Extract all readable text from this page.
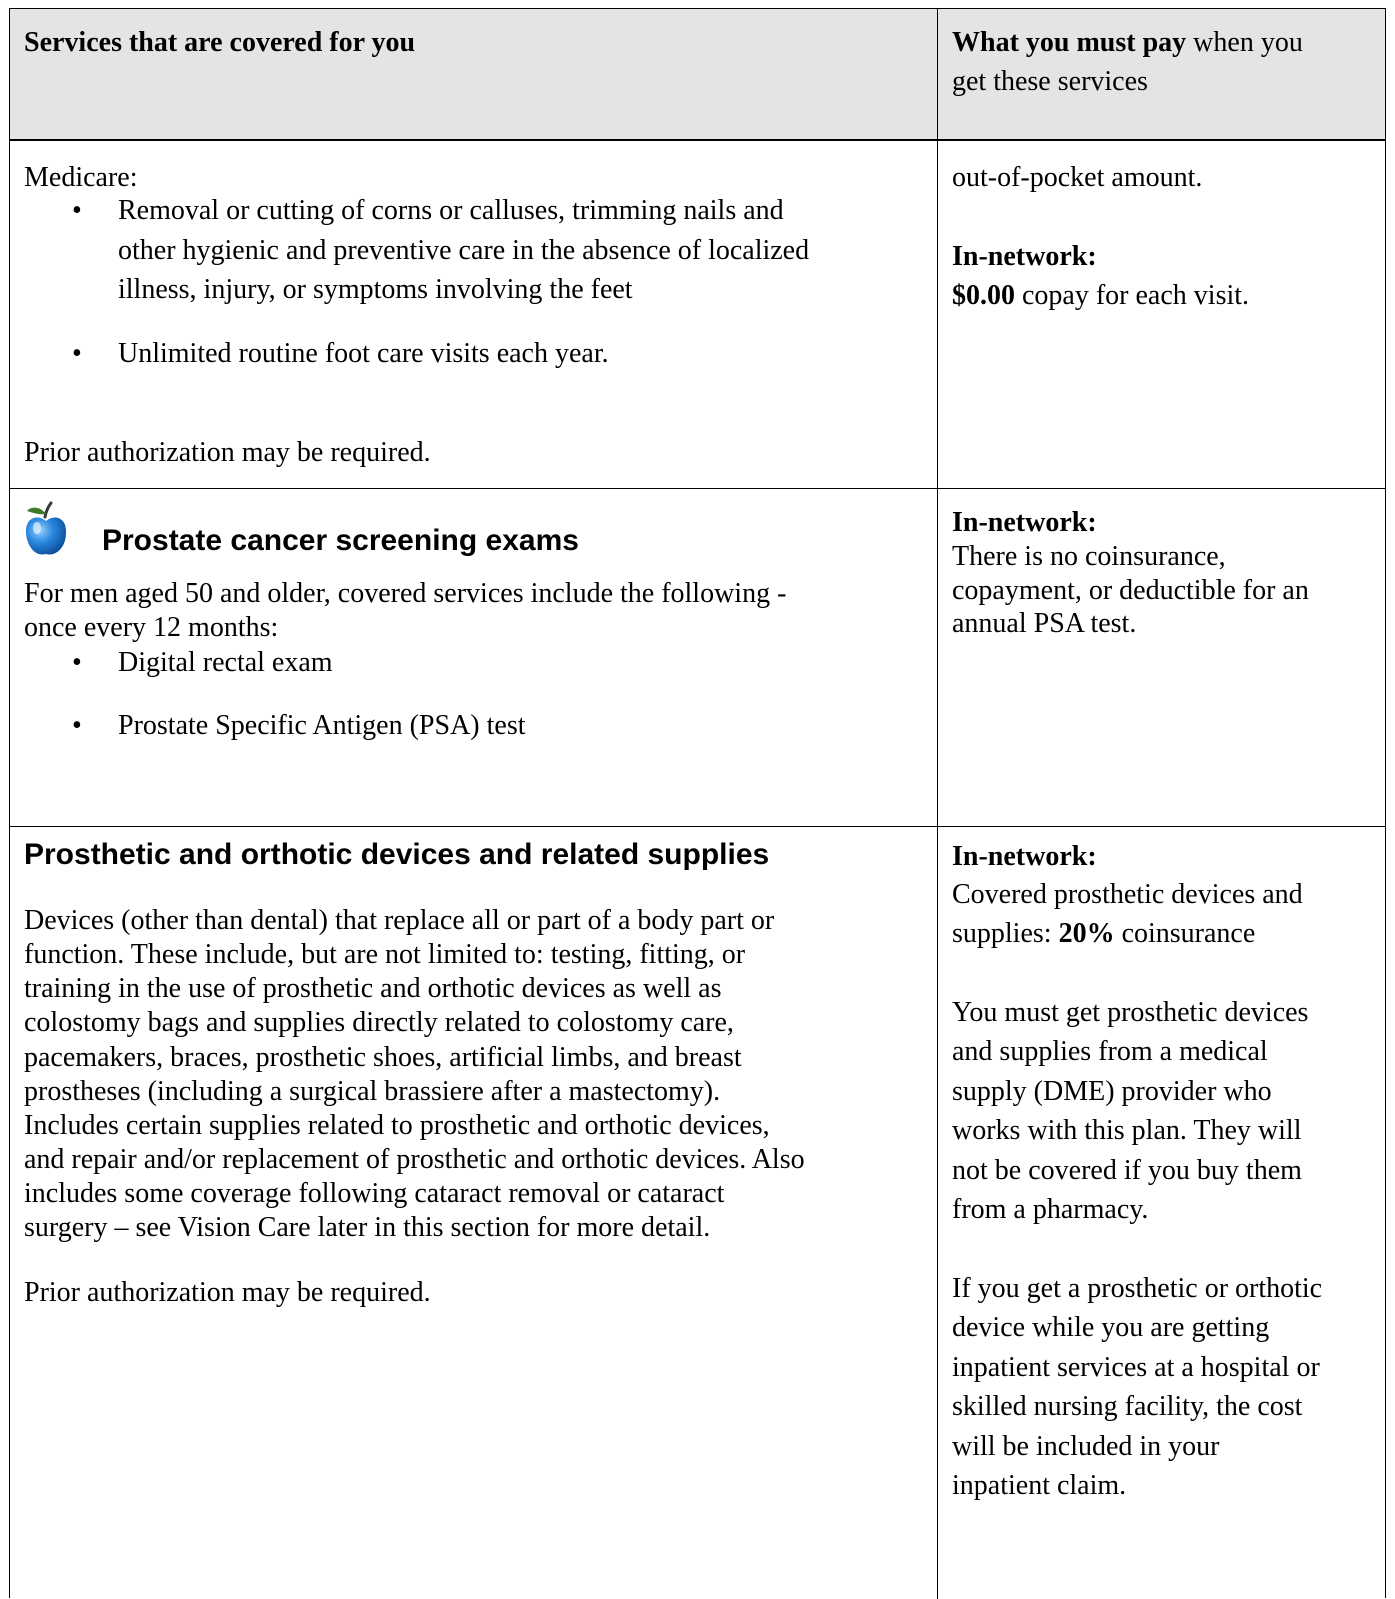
Services that are covered for you	What you must pay when you

get these services

Medicare:

• Removal or cutting of corns or calluses, trimming nails and

other hygienic and preventive care in the absence of localized

illness, injury, or symptoms involving the feet

• Unlimited routine foot care visits each year.

Prior authorization may be required.

out-of-pocket amount.

In-network:

$0.00 copay for each visit.

Prostate cancer screening exams

For men aged 50 and older, covered services include the following -

once every 12 months:

• Digital rectal exam

• Prostate Specific Antigen (PSA) test

In-network:

There is no coinsurance,

copayment, or deductible for an

annual PSA test.

Prosthetic and orthotic devices and related supplies

Devices (other than dental) that replace all or part of a body part or

function. These include, but are not limited to: testing, fitting, or

training in the use of prosthetic and orthotic devices as well as

colostomy bags and supplies directly related to colostomy care,

pacemakers, braces, prosthetic shoes, artificial limbs, and breast

prostheses (including a surgical brassiere after a mastectomy).

Includes certain supplies related to prosthetic and orthotic devices,

and repair and/or replacement of prosthetic and orthotic devices. Also

includes some coverage following cataract removal or cataract

surgery – see Vision Care later in this section for more detail.

Prior authorization may be required.

In-network:

Covered prosthetic devices and

supplies: 20% coinsurance

You must get prosthetic devices

and supplies from a medical

supply (DME) provider who

works with this plan. They will

not be covered if you buy them

from a pharmacy.

If you get a prosthetic or orthotic

device while you are getting

inpatient services at a hospital or

skilled nursing facility, the cost

will be included in your

inpatient claim.
